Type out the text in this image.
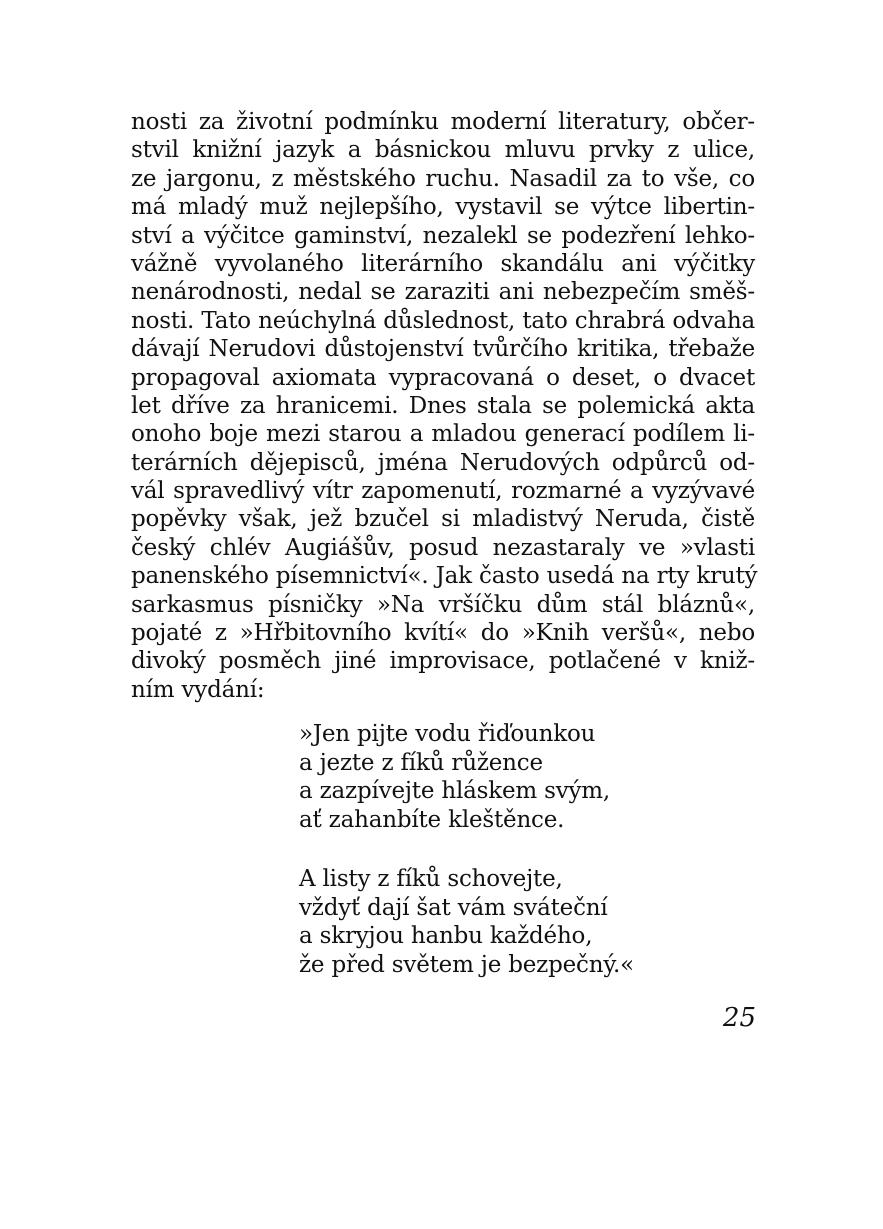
nosti za životní podmínku moderní literatury, občer-
stvil knižní jazyk a básnickou mluvu prvky z ulice,
ze jargonu, z městského ruchu. Nasadil za to vše, co
má mladý muž nejlepšího, vystavil se výtce libertin-
ství a výčitce gaminství, nezalekl se podezření lehko-
vážně vyvolaného literárního skandálu ani výčitky
nenárodnosti, nedal se zaraziti ani nebezpečím směš-
nosti. Tato neúchylná důslednost, tato chrabrá odvaha
dávají Nerudovi důstojenství tvůrčího kritika, třebaže
propagoval axiomata vypracovaná o deset, o dvacet
let dříve za hranicemi. Dnes stala se polemická akta
onoho boje mezi starou a mladou generací podílem li-
terárních dějepisců, jména Nerudových odpůrců od-
vál spravedlivý vítr zapomenutí, rozmarné a vyzývavé
popěvky však, jež bzučel si mladistvý Neruda, čistě
český chlév Augiášův, posud nezastaraly ve »vlasti
panenského písemnictví«. Jak často usedá na rty krutý
sarkasmus písničky »Na vršíčku dům stál bláznů«,
pojaté z »Hřbitovního kvítí« do »Knih veršů«, nebo
divoký posměch jiné improvisace, potlačené v kniž-
ním vydání:
»Jen pijte vodu řiďounkou
a jezte z fíků růžence
a zazpívejte hláskem svým,
ať zahanbíte kleštěnce.
A listy z fíků schovejte,
vždyť dají šat vám sváteční
a skryjou hanbu každého,
že před světem je bezpečný.«
25
